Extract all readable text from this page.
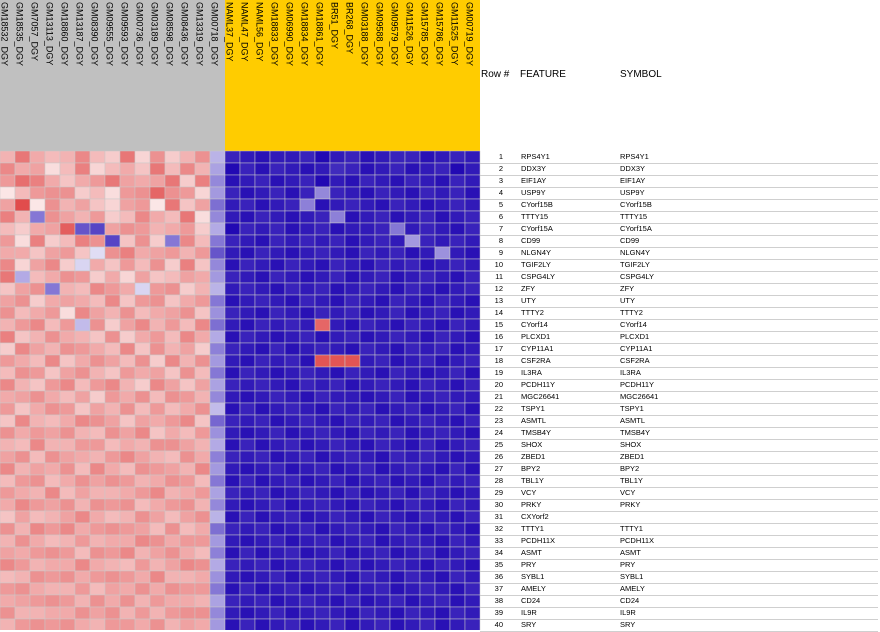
GM18532_DGY GM18535_DGY GM7057_DGY GM13113_DGY GM18860_DGY GM13187_DGY GM08390_DGY GM09555_DGY GM09593_DGY GM00736_DGY GM03189_DGY GM08598_DGY GM08436_DGY GM13319_DGY GM00718_DGY NAML37_DGY NAML47_DGY NAML56_DGY GM18833_DGY GM06990_DGY GM18834_DGY GM18861_DGY BR51_DGY BR268_DGY GM03188_DGY GM09588_DGY GM09579_DGY GM11526_DGY GM15785_DGY GM15786_DGY GM11525_DGY GM00719_DGY
Row # FEATURE	SYMBOL
1 RPS4Y1	RPS4Y1
2 DDX3Y	DDX3Y
3 EIF1AY	EIF1AY
4 USP9Y	USP9Y
5 CYorf15B	CYorf15B
6 TTTY15	TTTY15
7 CYorf15A	CYorf15A
8 CD99	CD99
9 NLGN4Y	NLGN4Y
10 TGIF2LY	TGIF2LY
11 CSPG4LY	CSPG4LY
12 ZFY	ZFY
13 UTY	UTY
14 TTTY2	TTTY2
15 CYorf14	CYorf14
16 PLCXD1	PLCXD1
17 CYP11A1	CYP11A1
18 CSF2RA	CSF2RA
19 IL3RA	IL3RA
20 PCDH11Y	PCDH11Y
21 MGC26641	MGC26641
22 TSPY1	TSPY1
23 ASMTL	ASMTL
24 TMSB4Y	TMSB4Y
25 SHOX	SHOX
26 ZBED1	ZBED1
27 BPY2	BPY2
28 TBL1Y	TBL1Y
29 VCY	VCY
30 PRKY	PRKY
31 CXYorf2
32 TTTY1	TTTY1
33 PCDH11X	PCDH11X
34 ASMT	ASMT
35 PRY	PRY
36 SYBL1	SYBL1
37 AMELY	AMELY
38 CD24	CD24
39 IL9R	IL9R
40 SRY	SRY
